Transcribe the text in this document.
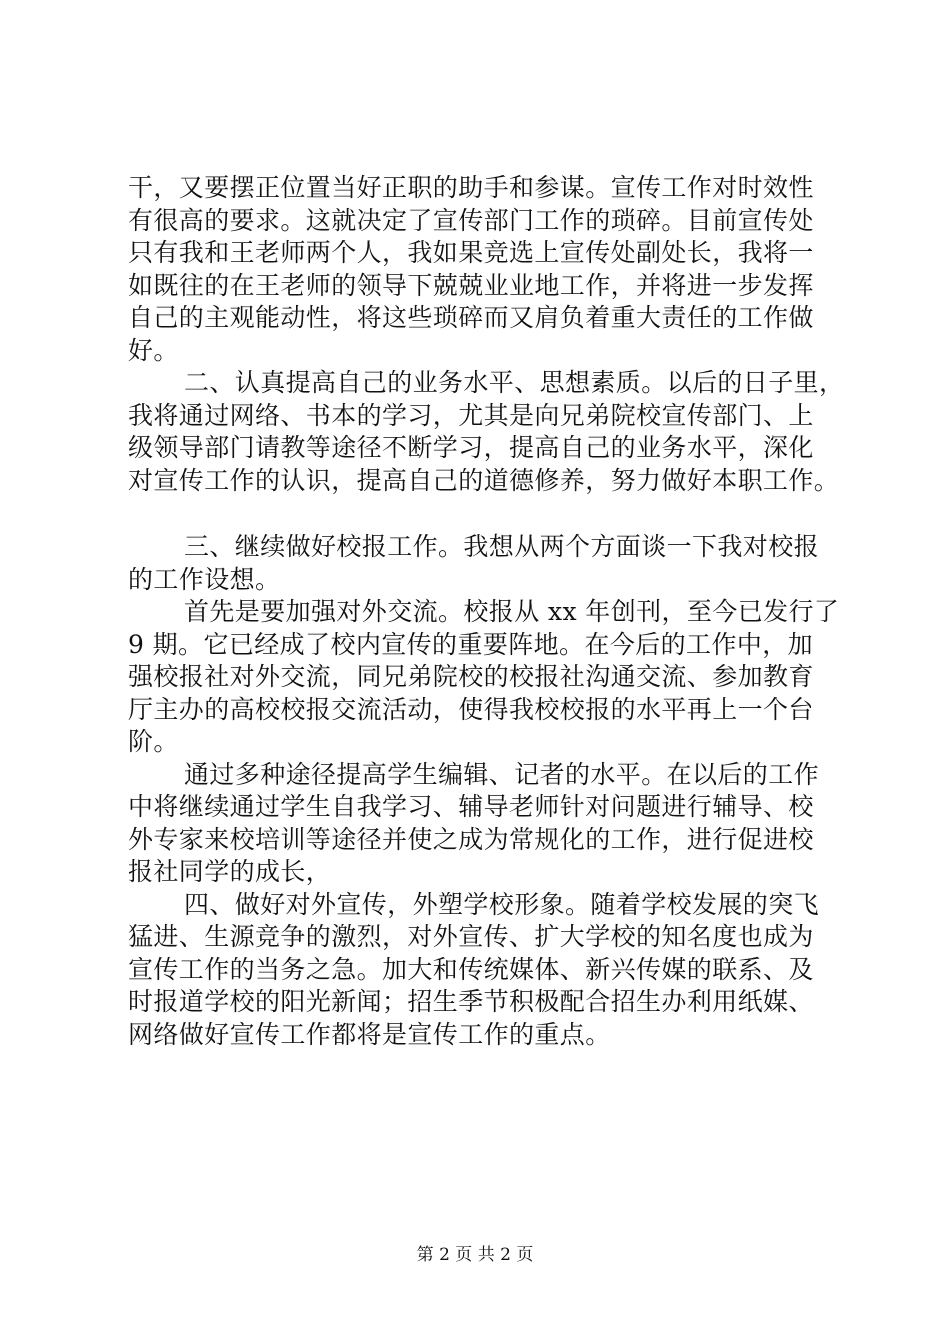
干，又要摆正位置当好正职的助手和参谋。宣传工作对时效性
有很高的要求。这就决定了宣传部门工作的琐碎。目前宣传处
只有我和王老师两个人，我如果竞选上宣传处副处长，我将一
如既往的在王老师的领导下兢兢业业地工作，并将进一步发挥
自己的主观能动性，将这些琐碎而又肩负着重大责任的工作做
好。

二、认真提高自己的业务水平、思想素质。以后的日子里，
我将通过网络、书本的学习，尤其是向兄弟院校宣传部门、上
级领导部门请教等途径不断学习，提高自己的业务水平，深化
对宣传工作的认识，提高自己的道德修养，努力做好本职工作。

三、继续做好校报工作。我想从两个方面谈一下我对校报
的工作设想。

首先是要加强对外交流。校报从 xx 年创刊，至今已发行了
9 期。它已经成了校内宣传的重要阵地。在今后的工作中，加
强校报社对外交流，同兄弟院校的校报社沟通交流、参加教育
厅主办的高校校报交流活动，使得我校校报的水平再上一个台
阶。

通过多种途径提高学生编辑、记者的水平。在以后的工作
中将继续通过学生自我学习、辅导老师针对问题进行辅导、校
外专家来校培训等途径并使之成为常规化的工作，进行促进校
报社同学的成长，

四、做好对外宣传，外塑学校形象。随着学校发展的突飞
猛进、生源竞争的激烈，对外宣传、扩大学校的知名度也成为
宣传工作的当务之急。加大和传统媒体、新兴传媒的联系、及
时报道学校的阳光新闻；招生季节积极配合招生办利用纸媒、
网络做好宣传工作都将是宣传工作的重点。

第 2 页 共 2 页
